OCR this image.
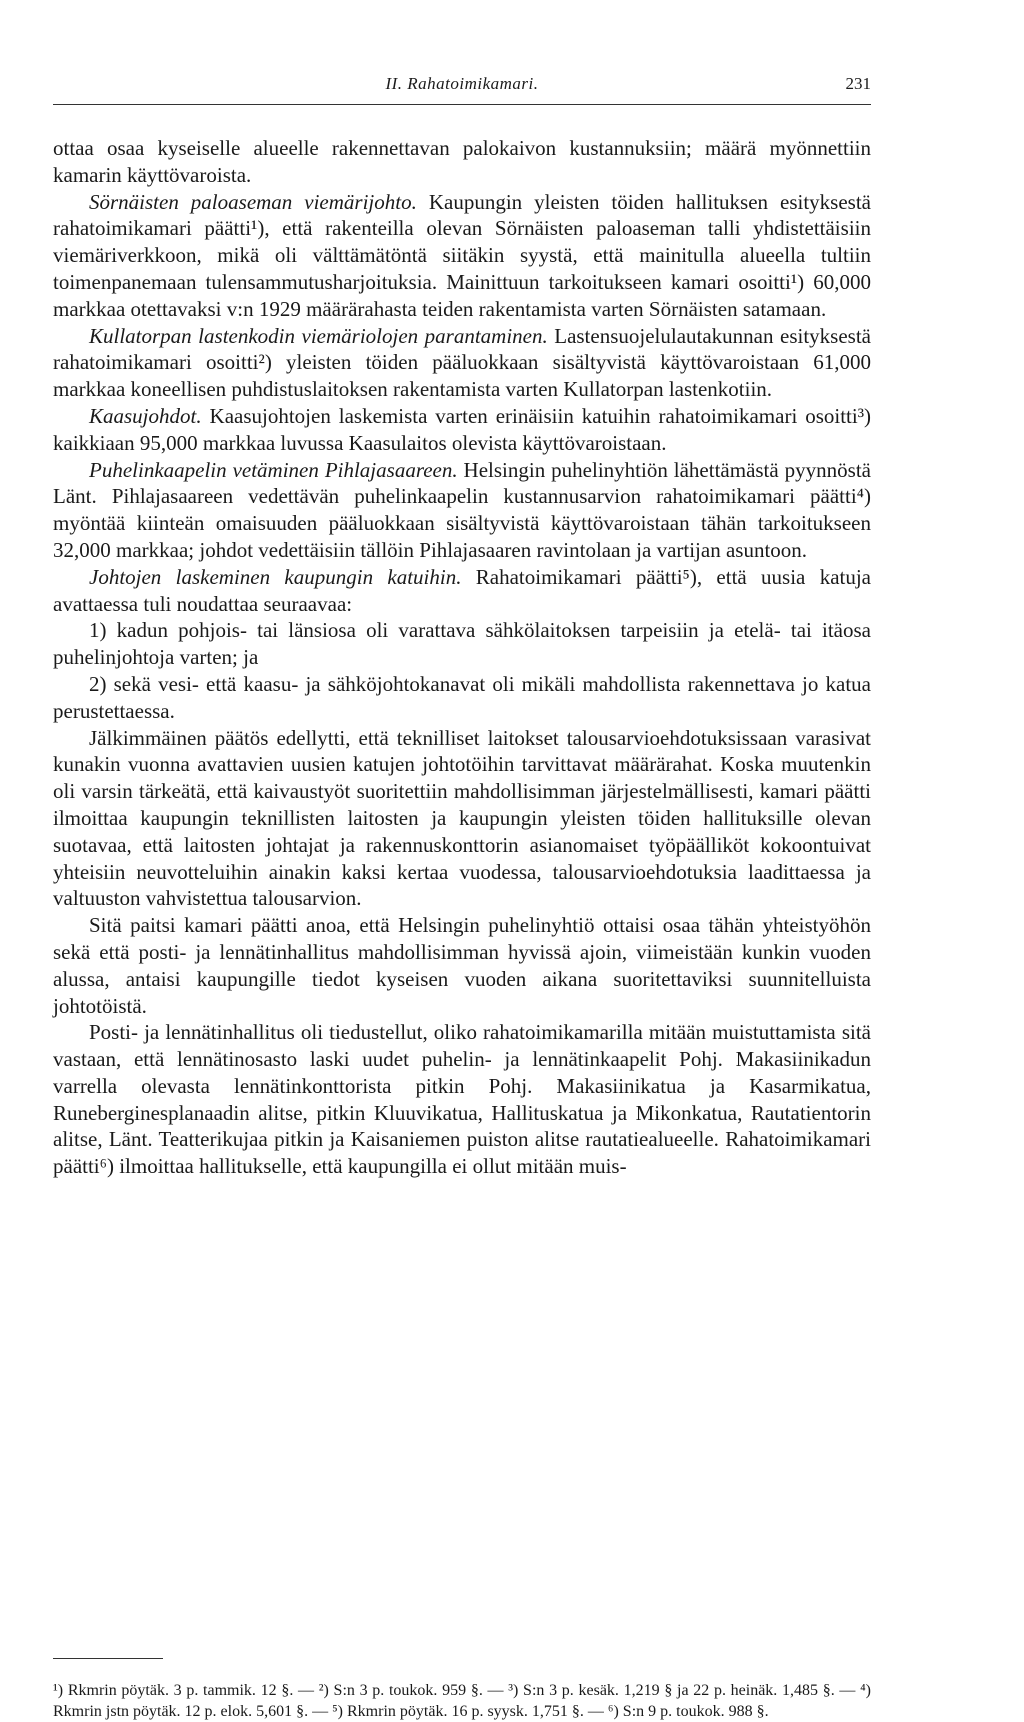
II. Rahatoimikamari.	231

ottaa osaa kyseiselle alueelle rakennettavan palokaivon kustannuksiin; määrä myönnettiin kamarin käyttövaroista.

Sörnäisten paloaseman viemärijohto. Kaupungin yleisten töiden hallituksen esityksestä rahatoimikamari päätti¹), että rakenteilla olevan Sörnäisten paloaseman talli yhdistettäisiin viemäriverkkoon, mikä oli välttämätöntä siitäkin syystä, että mainitulla alueella tultiin toimenpanemaan tulensammutusharjoituksia. Mainittuun tarkoitukseen kamari osoitti¹) 60,000 markkaa otettavaksi v:n 1929 määrärahasta teiden rakentamista varten Sörnäisten satamaan.

Kullatorpan lastenkodin viemäriolojen parantaminen. Lastensuojelulautakunnan esityksestä rahatoimikamari osoitti²) yleisten töiden pääluokkaan sisältyvistä käyttövaroistaan 61,000 markkaa koneellisen puhdistuslaitoksen rakentamista varten Kullatorpan lastenkotiin.

Kaasujohdot. Kaasujohtojen laskemista varten erinäisiin katuihin rahatoimikamari osoitti³) kaikkiaan 95,000 markkaa luvussa Kaasulaitos olevista käyttövaroistaan.

Puhelinkaapelin vetäminen Pihlajasaareen. Helsingin puhelinyhtiön lähettämästä pyynnöstä Länt. Pihlajasaareen vedettävän puhelinkaapelin kustannusarvion rahatoimikamari päätti⁴) myöntää kiinteän omaisuuden pääluokkaan sisältyvistä käyttövaroistaan tähän tarkoitukseen 32,000 markkaa; johdot vedettäisiin tällöin Pihlajasaaren ravintolaan ja vartijan asuntoon.

Johtojen laskeminen kaupungin katuihin. Rahatoimikamari päätti⁵), että uusia katuja avattaessa tuli noudattaa seuraavaa:

1) kadun pohjois- tai länsiosa oli varattava sähkölaitoksen tarpeisiin ja etelä- tai itäosa puhelinjohtoja varten; ja

2) sekä vesi- että kaasu- ja sähköjohtokanavat oli mikäli mahdollista rakennettava jo katua perustettaessa.

Jälkimmäinen päätös edellytti, että teknilliset laitokset talousarvioehdotuksissaan varasivat kunakin vuonna avattavien uusien katujen johtotöihin tarvittavat määrärahat. Koska muutenkin oli varsin tärkeätä, että kaivaustyöt suoritettiin mahdollisimman järjestelmällisesti, kamari päätti ilmoittaa kaupungin teknillisten laitosten ja kaupungin yleisten töiden hallituksille olevan suotavaa, että laitosten johtajat ja rakennuskonttorin asianomaiset työpäälliköt kokoontuivat yhteisiin neuvotteluihin ainakin kaksi kertaa vuodessa, talousarvioehdotuksia laadittaessa ja valtuuston vahvistettua talousarvion.

Sitä paitsi kamari päätti anoa, että Helsingin puhelinyhtiö ottaisi osaa tähän yhteistyöhön sekä että posti- ja lennätinhallitus mahdollisimman hyvissä ajoin, viimeistään kunkin vuoden alussa, antaisi kaupungille tiedot kyseisen vuoden aikana suoritettaviksi suunnitelluista johtotöistä.

Posti- ja lennätinhallitus oli tiedustellut, oliko rahatoimikamarilla mitään muistuttamista sitä vastaan, että lennätinosasto laski uudet puhelin- ja lennätinkaapelit Pohj. Makasiinikadun varrella olevasta lennätinkonttorista pitkin Pohj. Makasiinikatua ja Kasarmikatua, Runeberginesplanaadin alitse, pitkin Kluuvikatua, Hallituskatua ja Mikonkatua, Rautatientorin alitse, Länt. Teatterikujaa pitkin ja Kaisaniemen puiston alitse rautatiealueelle. Rahatoimikamari päätti⁶) ilmoittaa hallitukselle, että kaupungilla ei ollut mitään muis-

¹) Rkmrin pöytäk. 3 p. tammik. 12 §. — ²) S:n 3 p. toukok. 959 §. — ³) S:n 3 p. kesäk. 1,219 § ja 22 p. heinäk. 1,485 §. — ⁴) Rkmrin jstn pöytäk. 12 p. elok. 5,601 §. — ⁵) Rkmrin pöytäk. 16 p. syysk. 1,751 §. — ⁶) S:n 9 p. toukok. 988 §.
